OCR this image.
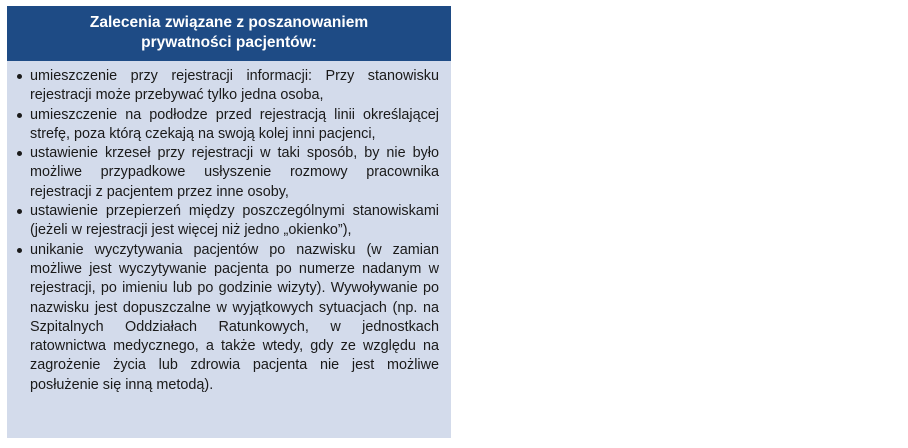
Zalecenia związane z poszanowaniem
prywatności pacjentów:
umieszczenie przy rejestracji informacji: Przy stanowisku rejestracji może przebywać tylko jedna osoba,
umieszczenie na podłodze przed rejestracją linii określającej strefę, poza którą czekają na swoją kolej inni pacjenci,
ustawienie krzeseł przy rejestracji w taki sposób, by nie było możliwe przypadkowe usłyszenie rozmowy pracownika rejestracji z pacjentem przez inne osoby,
ustawienie przepierzeń między poszczególnymi stanowiskami (jeżeli w rejestracji jest więcej niż jedno „okienko”),
unikanie wyczytywania pacjentów po nazwisku (w zamian możliwe jest wyczytywanie pacjenta po numerze nadanym w rejestracji, po imieniu lub po godzinie wizyty). Wywoływanie po nazwisku jest dopuszczalne w wyjątkowych sytuacjach (np. na Szpitalnych Oddziałach Ratunkowych, w jednostkach ratownictwa medycznego, a także wtedy, gdy ze względu na zagrożenie życia lub zdrowia pacjenta nie jest możliwe posłużenie się inną metodą).
